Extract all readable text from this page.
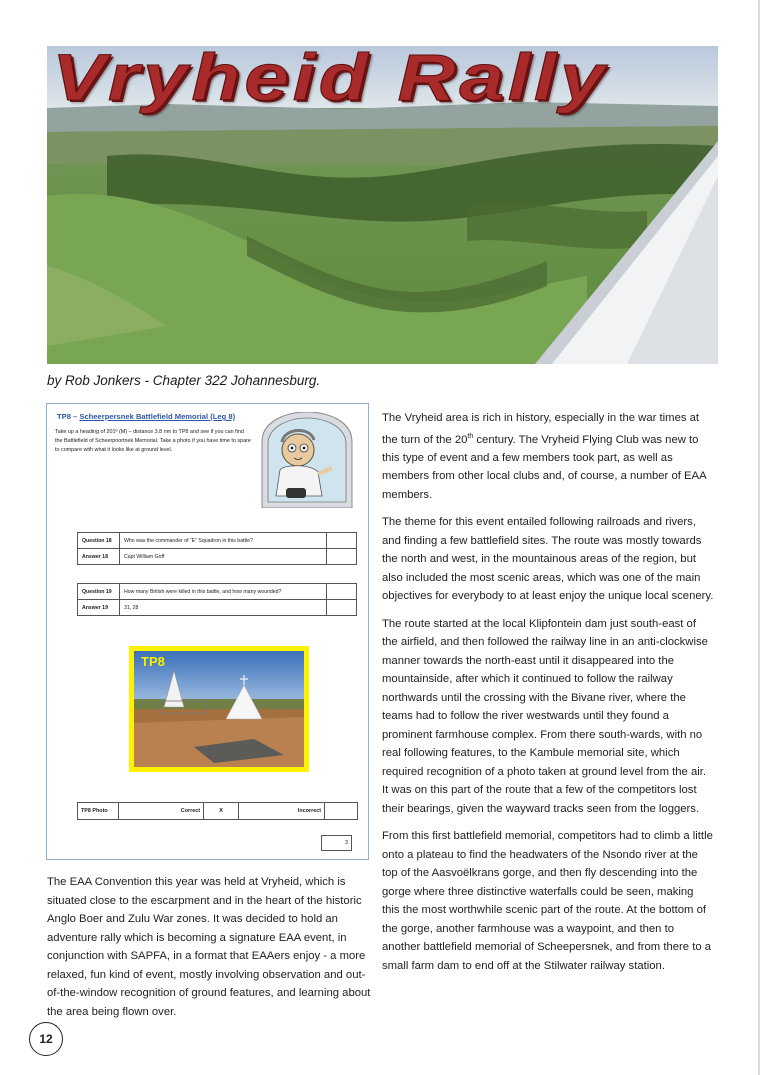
Vryheid Rally
by Rob Jonkers - Chapter 322 Johannesburg.
TP8 – Scheerpersnek Battlefield Memorial (Leg 8)
Take up a heading of 201º (M) – distance 3.8 nm to TP8 and see if you can find the Battlefield of Scheerpoortnek Memorial. Take a photo if you have time to spare to compare with what it looks like at ground level.
Question 18	Who was the commander of “E” Squadron in this battle?	
Answer 18	Capt William Goff	
Question 19	How many British were killed in this battle, and how many wounded?	
Answer 19	31, 28	
TP8
TP8 Photo	Correct	X	Incorrect	
3

The EAA Convention this year was held at Vryheid, which is situated close to the escarpment and in the heart of the historic Anglo Boer and Zulu War zones. It was decided to hold an adventure rally which is becoming a signature EAA event, in conjunction with SAPFA, in a format that EAAers enjoy - a more relaxed, fun kind of event, mostly involving observation and out-of-the-window recognition of ground features, and learning about the area being flown over.

The Vryheid area is rich in history, especially in the war times at the turn of the 20th century. The Vryheid Flying Club was new to this type of event and a few members took part, as well as members from other local clubs and, of course, a number of EAA members.

The theme for this event entailed following railroads and rivers, and finding a few battlefield sites. The route was mostly towards the north and west, in the mountainous areas of the region, but also included the most scenic areas, which was one of the main objectives for everybody to at least enjoy the unique local scenery.

The route started at the local Klipfontein dam just south-east of the airfield, and then followed the railway line in an anti-clockwise manner towards the north-east until it disappeared into the mountainside, after which it continued to follow the railway northwards until the crossing with the Bivane river, where the teams had to follow the river westwards until they found a prominent farmhouse complex. From there south-wards, with no real following features, to the Kambule memorial site, which required recognition of a photo taken at ground level from the air. It was on this part of the route that a few of the competitors lost their bearings, given the wayward tracks seen from the loggers.

From this first battlefield memorial, competitors had to climb a little onto a plateau to find the headwaters of the Nsondo river at the top of the Aasvoëlkrans gorge, and then fly descending into the gorge where three distinctive waterfalls could be seen, making this the most worthwhile scenic part of the route. At the bottom of the gorge, another farmhouse was a waypoint, and then to another battlefield memorial of Scheepersnek, and from there to a small farm dam to end off at the Stilwater railway station.

12
